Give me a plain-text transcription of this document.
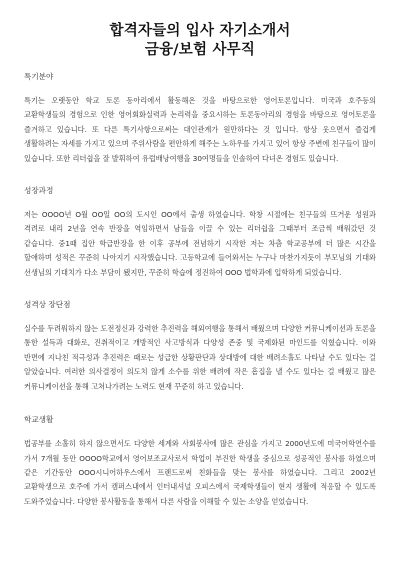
합격자들의 입사 자기소개서
금융/보험 사무직

특기분야

특기는 오랫동안 학교 토론 동아리에서 활동해온 것을 바탕으로한 영어토론입니다. 미국과 호주등의 교환학생들의 경험으로 인한 영어회화실력과 논리력을 중요시하는 토론동아리의 경험을 바탕으로 영어토론을 즐겨하고 있습니다. 또 다른 특기사항으로써는 대인관계가 원만하다는 것 입니다. 항상 웃으면서 즐겁게 생활하려는 자세를 가지고 있으며 주위사람을 편안하게 해주는 노하우를 가지고 있어 항상 주변에 친구들이 많이 있습니다. 또한 리더쉽을 잘 발휘하여 유럽배낭여행을 30여명들을 인솔하여 다녀온 경험도 있습니다.

성장과정

저는 OOOO년 O월 OO일 OO의 도시인 OO에서 출생 하였습니다. 학창 시절에는 친구들의 뜨거운 성원과 격려로 내리 2년을 연속 반장을 역임하면서 남들을 이끌 수 있는 리더쉽을 그때부터 조금씩 배워갔던 것 같습니다. 중1때 집안 학급반장을 한 이후 공부에 전념하기 시작한 저는 차츰 학교공부에 더 많은 시간을 할애하며 성적은 꾸준히 나아지기 시작했습니다. 고등학교에 들어와서는 누구나 마찬가지듯이 부모님의 기대와 선생님의 기대치가 다소 부담이 됐지만, 꾸준히 학습에 정진하여 OOO 법학과에 입학하게 되었습니다.

성격상 장단점

실수를 두려워하지 않는 도전정신과 강력한 추진력을 해외여행을 통해서 배웠으며 다양한 커뮤니케이션과 토론을 통한 설득과 대화로, 진취적이고 개방적인 사고방식과 다양성 존중 및 국제화된 마인드를 익혔습니다. 이와 반면에 지나친 적극성과 추진력은 때로는 성급한 상황판단과 상대방에 대한 배려소홀도 나타날 수도 있다는 걸 알았습니다. 여러한 의사결정이 의도치 않게 소수를 위한 배려에 작은 흠집을 낼 수도 있다는 걸 배웠고 많은 커뮤니케이션을 통해 고쳐나가려는 노력도 현재 꾸준히 하고 있습니다.

학교생활

법공부를 소홀히 하지 않으면서도 다양한 세계와 사회봉사에 많은 관심을 가지고 2000년도에 미국어학연수를 가서 7개월 동안 OOOO학교에서 영어보조교사로서 학업이 부진한 학생을 중심으로 성공적인 봉사를 하였으며 같은 기간동안 OOO시니어하우스에서 프랜드로써 친화들을 맞는 봉사를 하였습니다. 그리고 2002년 교환학생으로 호주에 가서 캠퍼스내에서 인터내셔널 오피스에서 국제학생들이 현지 생활에 적응할 수 있도록 도와주었습니다. 다양한 봉사활동을 통해서 다른 사람을 이해할 수 있는 소양을 얻었습니다.
